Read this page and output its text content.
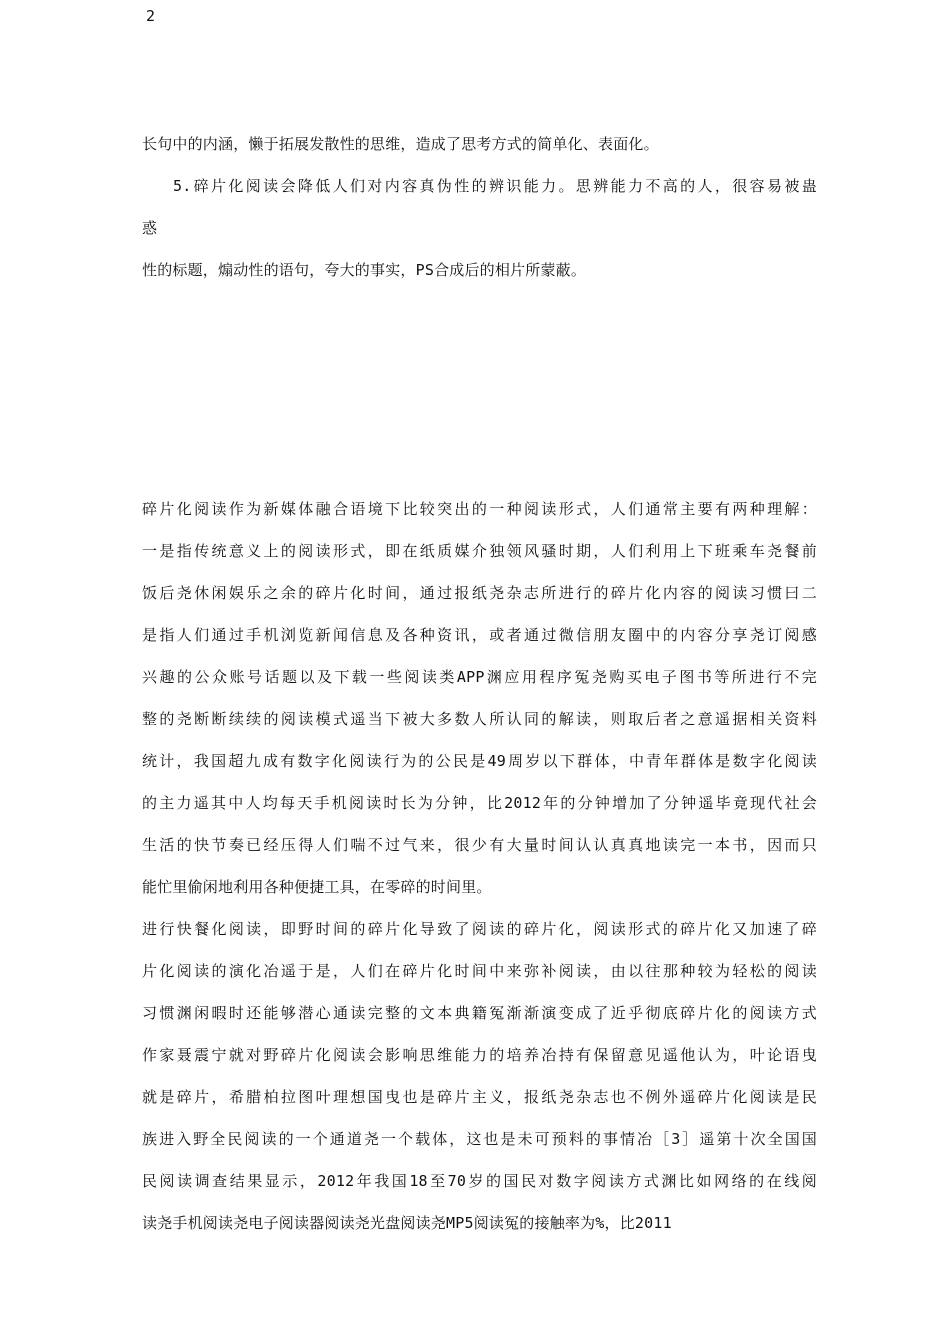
2
长句中的内涵，懒于拓展发散性的思维，造成了思考方式的简单化、表面化。
5.碎片化阅读会降低人们对内容真伪性的辨识能力。思辨能力不高的人，很容易被蛊
惑
性的标题，煽动性的语句，夸大的事实，PS合成后的相片所蒙蔽。
碎片化阅读作为新媒体融合语境下比较突出的一种阅读形式，人们通常主要有两种理解：
一是指传统意义上的阅读形式，即在纸质媒介独领风骚时期，人们利用上下班乘车尧餐前
饭后尧休闲娱乐之余的碎片化时间，通过报纸尧杂志所进行的碎片化内容的阅读习惯曰二
是指人们通过手机浏览新闻信息及各种资讯，或者通过微信朋友圈中的内容分享尧订阅感
兴趣的公众账号话题以及下载一些阅读类APP渊应用程序冤尧购买电子图书等所进行不完
整的尧断断续续的阅读模式遥当下被大多数人所认同的解读，则取后者之意遥据相关资料
统计，我国超九成有数字化阅读行为的公民是49周岁以下群体，中青年群体是数字化阅读
的主力遥其中人均每天手机阅读时长为分钟，比2012年的分钟增加了分钟遥毕竟现代社会
生活的快节奏已经压得人们喘不过气来，很少有大量时间认认真真地读完一本书，因而只
能忙里偷闲地利用各种便捷工具，在零碎的时间里。
进行快餐化阅读，即野时间的碎片化导致了阅读的碎片化，阅读形式的碎片化又加速了碎
片化阅读的演化冶遥于是，人们在碎片化时间中来弥补阅读，由以往那种较为轻松的阅读
习惯渊闲暇时还能够潜心通读完整的文本典籍冤渐渐演变成了近乎彻底碎片化的阅读方式
作家聂震宁就对野碎片化阅读会影响思维能力的培养冶持有保留意见遥他认为，叶论语曳
就是碎片，希腊柏拉图叶理想国曳也是碎片主义，报纸尧杂志也不例外遥碎片化阅读是民
族进入野全民阅读的一个通道尧一个载体，这也是未可预料的事情冶［3］遥第十次全国国
民阅读调查结果显示，2012年我国18至70岁的国民对数字阅读方式渊比如网络的在线阅
读尧手机阅读尧电子阅读器阅读尧光盘阅读尧MP5阅读冤的接触率为%，比2011
